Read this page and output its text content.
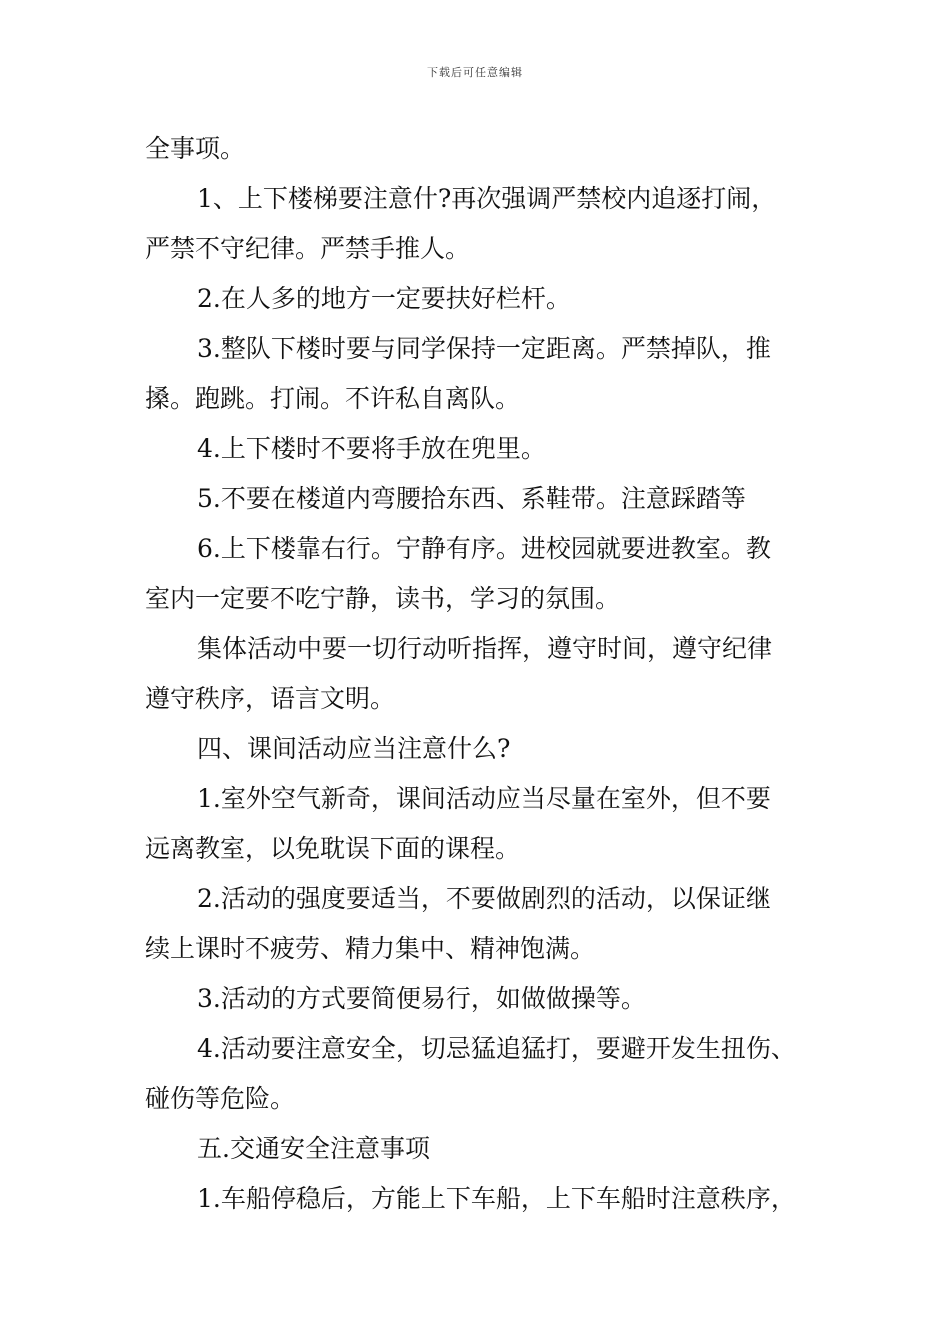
下载后可任意编辑
全事项。
1、上下楼梯要注意什?再次强调严禁校内追逐打闹，
严禁不守纪律。严禁手推人。
2.在人多的地方一定要扶好栏杆。
3.整队下楼时要与同学保持一定距离。严禁掉队，推
搡。跑跳。打闹。不许私自离队。
4.上下楼时不要将手放在兜里。
5.不要在楼道内弯腰拾东西、系鞋带。注意踩踏等
6.上下楼靠右行。宁静有序。进校园就要进教室。教
室内一定要不吃宁静，读书，学习的氛围。
集体活动中要一切行动听指挥，遵守时间，遵守纪律
遵守秩序，语言文明。
四、课间活动应当注意什么?
1.室外空气新奇，课间活动应当尽量在室外，但不要
远离教室，以免耽误下面的课程。
2.活动的强度要适当，不要做剧烈的活动，以保证继
续上课时不疲劳、精力集中、精神饱满。
3.活动的方式要简便易行，如做做操等。
4.活动要注意安全，切忌猛追猛打，要避开发生扭伤、
碰伤等危险。
五.交通安全注意事项
1.车船停稳后，方能上下车船，上下车船时注意秩序，
